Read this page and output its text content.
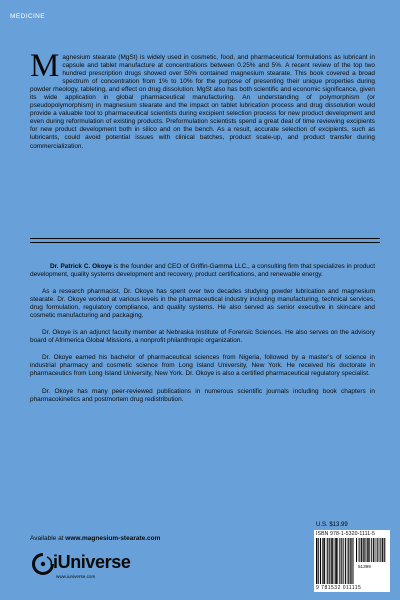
MEDICINE
Magnesium stearate (MgSt) is widely used in cosmetic, food, and pharmaceutical formulations as lubricant in capsule and tablet manufacture at concentrations between 0.25% and 5%. A recent review of the top two hundred prescription drugs showed over 50% contained magnesium stearate. This book covered a broad spectrum of concentration from 1% to 10% for the purpose of presenting their unique properties during powder rheology, tableting, and effect on drug dissolution. MgSt also has both scientific and economic significance, given its wide application in global pharmaceutical manufacturing. An understanding of polymorphism (or pseudopolymorphism) in magnesium stearate and the impact on tablet lubrication process and drug dissolution would provide a valuable tool to pharmaceutical scientists during excipient selection process for new product development and even during reformulation of existing products. Preformulation scientists spend a great deal of time reviewing excipients for new product development both in silico and on the bench. As a result, accurate selection of excipients, such as lubricants, could avoid potential issues with clinical batches, product scale-up, and product transfer during commercialization.

Dr. Patrick C. Okoye is the founder and CEO of Griffin-Gamma LLC., a consulting firm that specializes in product development, quality systems development and recovery, product certifications, and renewable energy.

As a research pharmacist, Dr. Okoye has spent over two decades studying powder lubrication and magnesium stearate. Dr. Okoye worked at various levels in the pharmaceutical industry including manufacturing, technical services, drug formulation, regulatory compliance, and quality systems. He also served as senior executive in skincare and cosmetic manufacturing and packaging.

Dr. Okoye is an adjunct faculty member at Nebraska Institute of Forensic Sciences. He also serves on the advisory board of Afrimerica Global Missions, a nonprofit philanthropic organization.

Dr. Okoye earned his bachelor of pharmaceutical sciences from Nigeria, followed by a master's of science in industrial pharmacy and cosmetic science from Long Island University, New York. He received his doctorate in pharmaceutics from Long Island University, New York. Dr. Okoye is also a certified pharmaceutical regulatory specialist.

Dr. Okoye has many peer-reviewed publications in numerous scientific journals including book chapters in pharmacokinetics and postmortem drug redistribution.

U.S. $13.99
ISBN 978-1-5320-1111-5
51399
9 781532 011115
Available at www.magnesium-stearate.com
iUniverse
www.iuniverse.com
